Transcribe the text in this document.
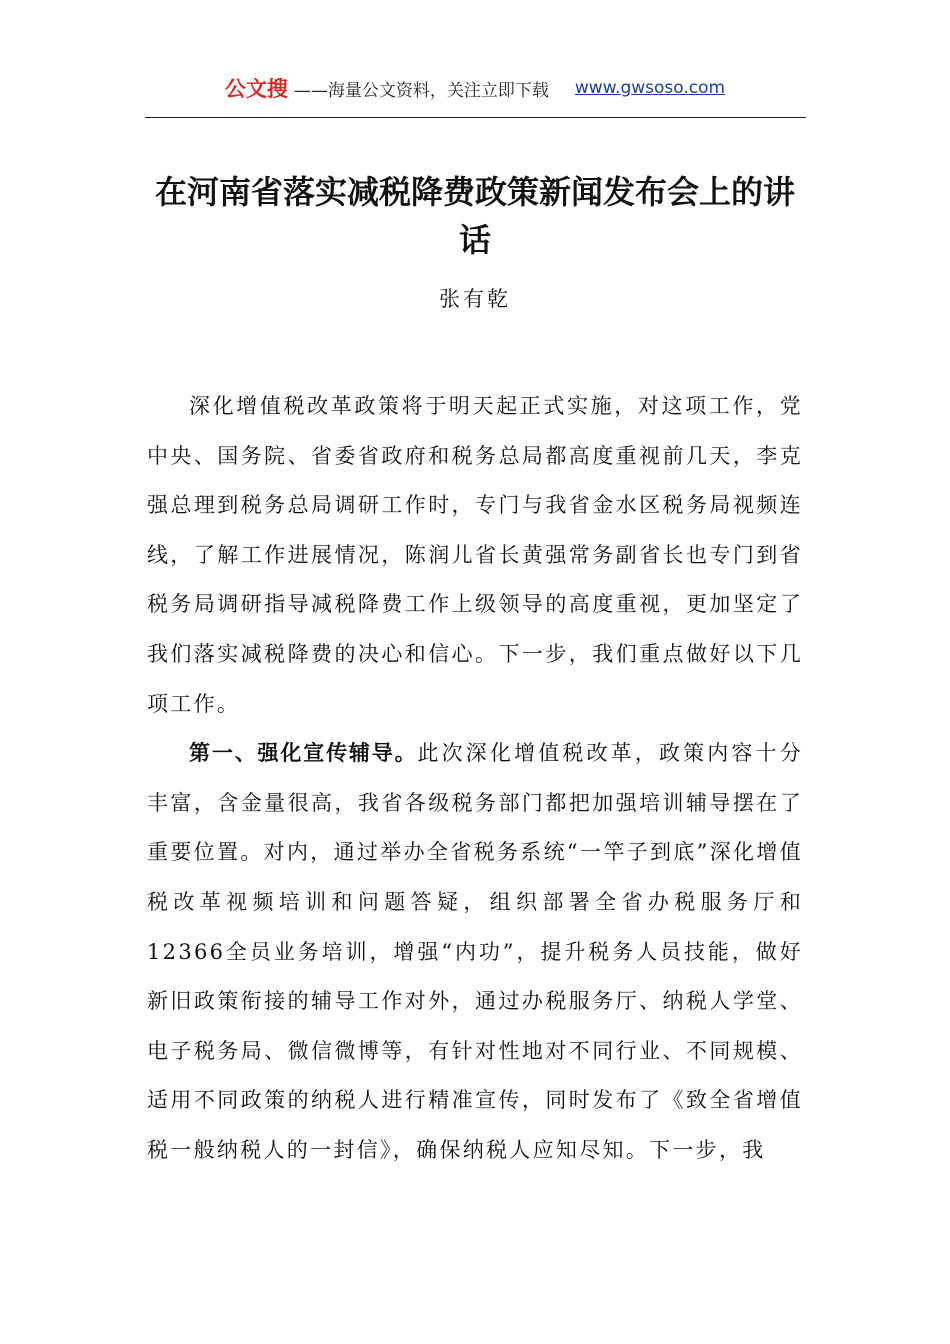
公文搜 ——海量公文资料，关注立即下载 www.gwsoso.com
在河南省落实减税降费政策新闻发布会上的讲话
张有乾

深化增值税改革政策将于明天起正式实施，对这项工作，党中央、国务院、省委省政府和税务总局都高度重视前几天，李克强总理到税务总局调研工作时，专门与我省金水区税务局视频连线，了解工作进展情况，陈润儿省长黄强常务副省长也专门到省税务局调研指导减税降费工作上级领导的高度重视，更加坚定了我们落实减税降费的决心和信心。下一步，我们重点做好以下几项工作。

第一、强化宣传辅导。此次深化增值税改革，政策内容十分丰富，含金量很高，我省各级税务部门都把加强培训辅导摆在了重要位置。对内，通过举办全省税务系统“一竿子到底”深化增值税改革视频培训和问题答疑，组织部署全省办税服务厅和12366全员业务培训，增强“内功”，提升税务人员技能，做好新旧政策衔接的辅导工作对外，通过办税服务厅、纳税人学堂、电子税务局、微信微博等，有针对性地对不同行业、不同规模、适用不同政策的纳税人进行精准宣传，同时发布了《致全省增值税一般纳税人的一封信》，确保纳税人应知尽知。下一步，我
